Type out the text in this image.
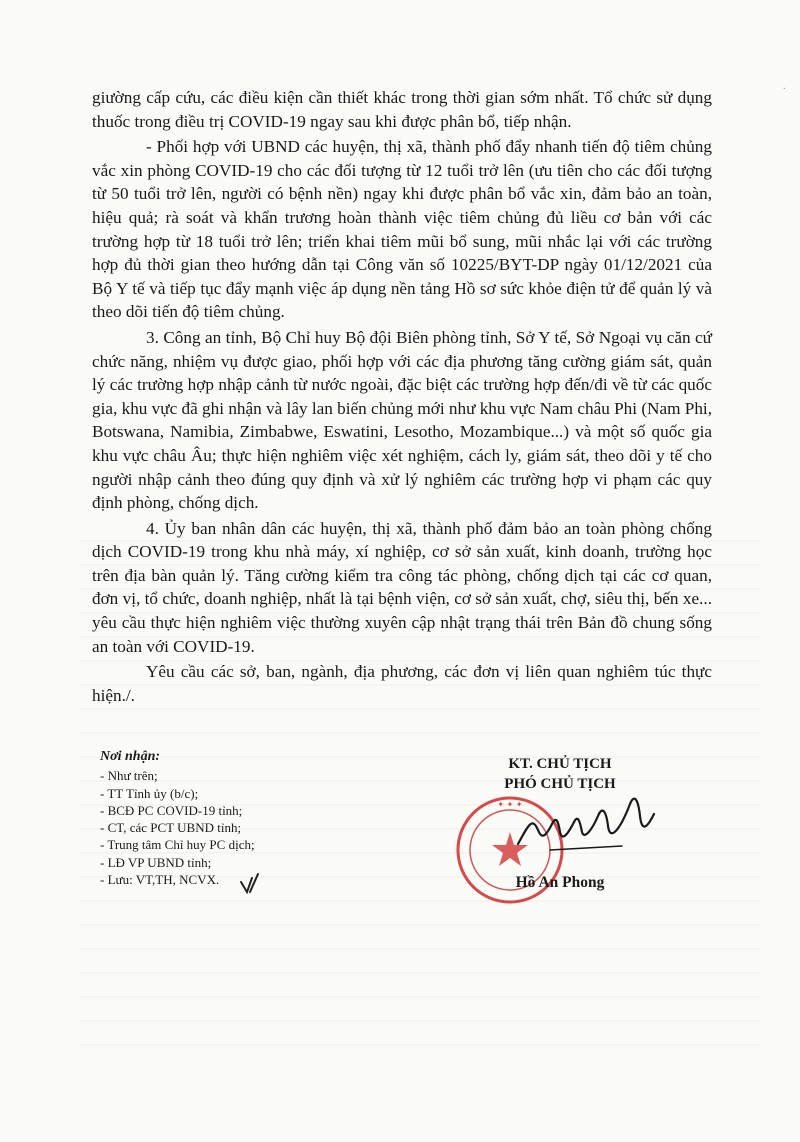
giường cấp cứu, các điều kiện cần thiết khác trong thời gian sớm nhất. Tổ chức sử dụng thuốc trong điều trị COVID-19 ngay sau khi được phân bổ, tiếp nhận.

- Phối hợp với UBND các huyện, thị xã, thành phố đẩy nhanh tiến độ tiêm chủng vắc xin phòng COVID-19 cho các đối tượng từ 12 tuổi trở lên (ưu tiên cho các đối tượng từ 50 tuổi trở lên, người có bệnh nền) ngay khi được phân bổ vắc xin, đảm bảo an toàn, hiệu quả; rà soát và khẩn trương hoàn thành việc tiêm chủng đủ liều cơ bản với các trường hợp từ 18 tuổi trở lên; triển khai tiêm mũi bổ sung, mũi nhắc lại với các trường hợp đủ thời gian theo hướng dẫn tại Công văn số 10225/BYT-DP ngày 01/12/2021 của Bộ Y tế và tiếp tục đẩy mạnh việc áp dụng nền tảng Hồ sơ sức khỏe điện tử để quản lý và theo dõi tiến độ tiêm chủng.

3. Công an tỉnh, Bộ Chỉ huy Bộ đội Biên phòng tỉnh, Sở Y tế, Sở Ngoại vụ căn cứ chức năng, nhiệm vụ được giao, phối hợp với các địa phương tăng cường giám sát, quản lý các trường hợp nhập cảnh từ nước ngoài, đặc biệt các trường hợp đến/đi về từ các quốc gia, khu vực đã ghi nhận và lây lan biến chủng mới như khu vực Nam châu Phi (Nam Phi, Botswana, Namibia, Zimbabwe, Eswatini, Lesotho, Mozambique...) và một số quốc gia khu vực châu Âu; thực hiện nghiêm việc xét nghiệm, cách ly, giám sát, theo dõi y tế cho người nhập cảnh theo đúng quy định và xử lý nghiêm các trường hợp vi phạm các quy định phòng, chống dịch.

4. Ủy ban nhân dân các huyện, thị xã, thành phố đảm bảo an toàn phòng chống dịch COVID-19 trong khu nhà máy, xí nghiệp, cơ sở sản xuất, kinh doanh, trường học trên địa bàn quản lý. Tăng cường kiểm tra công tác phòng, chống dịch tại các cơ quan, đơn vị, tổ chức, doanh nghiệp, nhất là tại bệnh viện, cơ sở sản xuất, chợ, siêu thị, bến xe... yêu cầu thực hiện nghiêm việc thường xuyên cập nhật trạng thái trên Bản đồ chung sống an toàn với COVID-19.

Yêu cầu các sở, ban, ngành, địa phương, các đơn vị liên quan nghiêm túc thực hiện./.

Nơi nhận:
- Như trên;
- TT Tỉnh ủy (b/c);
- BCĐ PC COVID-19 tỉnh;
- CT, các PCT UBND tỉnh;
- Trung tâm Chỉ huy PC dịch;
- LĐ VP UBND tỉnh;
- Lưu: VT,TH, NCVX.
KT. CHỦ TỊCH
PHÓ CHỦ TỊCH
✦ ✦ ✦
Hồ An Phong
·
